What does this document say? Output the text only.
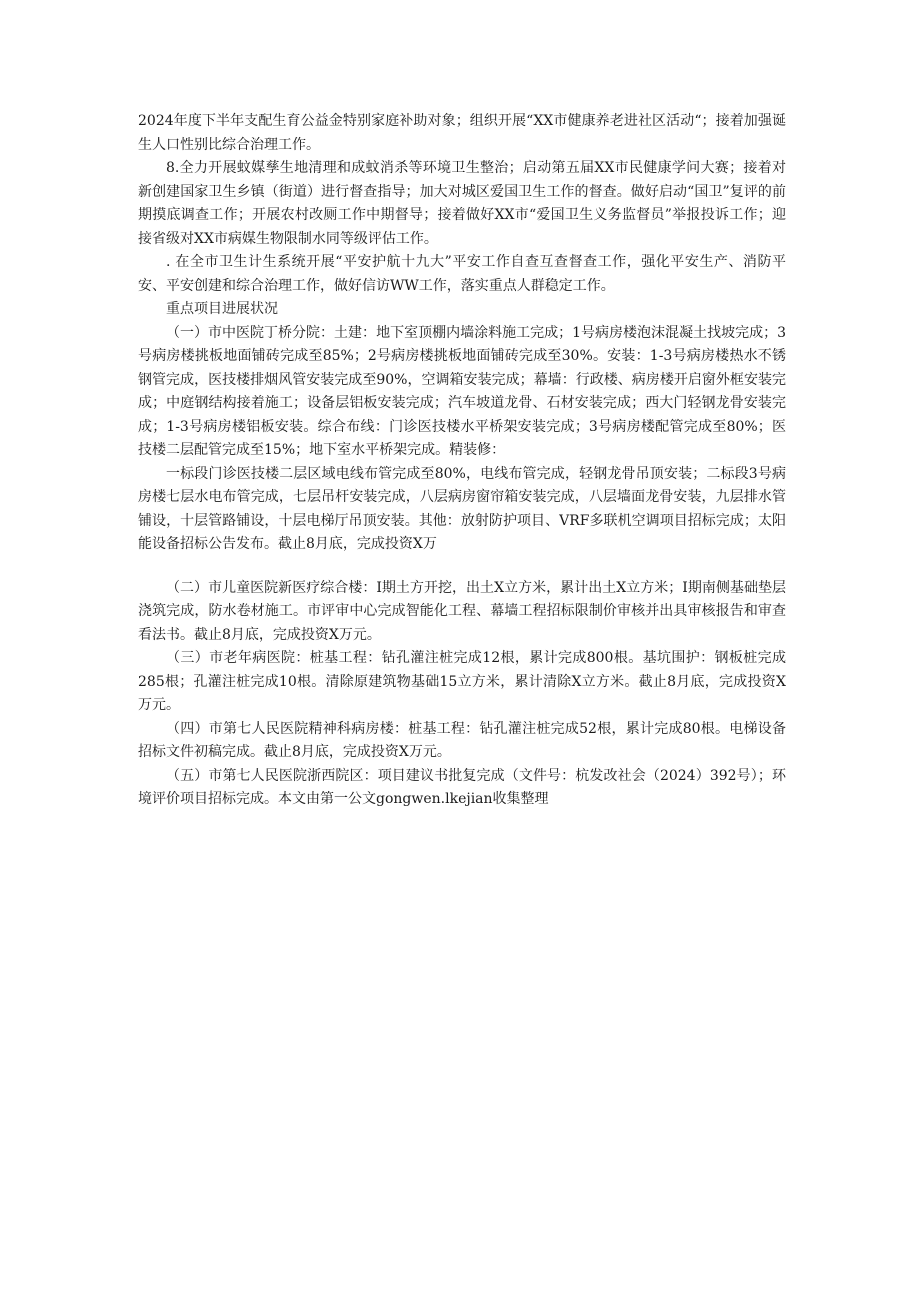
2024年度下半年支配生育公益金特别家庭补助对象；组织开展“XX市健康养老进社区活动“；接着加强诞生人口性别比综合治理工作。

8.全力开展蚊媒孳生地清理和成蚊消杀等环境卫生整治；启动第五届XX市民健康学问大赛；接着对新创建国家卫生乡镇（街道）进行督查指导；加大对城区爱国卫生工作的督查。做好启动“国卫”复评的前期摸底调查工作；开展农村改厕工作中期督导；接着做好XX市“爱国卫生义务监督员”举报投诉工作；迎接省级对XX市病媒生物限制水同等级评估工作。

. 在全市卫生计生系统开展“平安护航十九大”平安工作自查互查督查工作，强化平安生产、消防平安、平安创建和综合治理工作，做好信访WW工作，落实重点人群稳定工作。

重点项目进展状况

（一）市中医院丁桥分院：土建：地下室顶棚内墙涂料施工完成；1号病房楼泡沫混凝土找坡完成；3号病房楼挑板地面铺砖完成至85%；2号病房楼挑板地面铺砖完成至30%。安装：1-3号病房楼热水不锈钢管完成，医技楼排烟风管安装完成至90%，空调箱安装完成；幕墙：行政楼、病房楼开启窗外框安装完成；中庭钢结构接着施工；设备层铝板安装完成；汽车坡道龙骨、石材安装完成；西大门轻钢龙骨安装完成；1-3号病房楼铝板安装。综合布线：门诊医技楼水平桥架安装完成；3号病房楼配管完成至80%；医技楼二层配管完成至15%；地下室水平桥架完成。精装修：

一标段门诊医技楼二层区域电线布管完成至80%，电线布管完成，轻钢龙骨吊顶安装；二标段3号病房楼七层水电布管完成，七层吊杆安装完成，八层病房窗帘箱安装完成，八层墙面龙骨安装，九层排水管铺设，十层管路铺设，十层电梯厅吊顶安装。其他：放射防护项目、VRF多联机空调项目招标完成；太阳能设备招标公告发布。截止8月底，完成投资X万

（二）市儿童医院新医疗综合楼：I期土方开挖，出土X立方米，累计出土X立方米；I期南侧基础垫层浇筑完成，防水卷材施工。市评审中心完成智能化工程、幕墙工程招标限制价审核并出具审核报告和审查看法书。截止8月底，完成投资X万元。

（三）市老年病医院：桩基工程：钻孔灌注桩完成12根，累计完成800根。基坑围护：钢板桩完成285根；孔灌注桩完成10根。清除原建筑物基础15立方米，累计清除X立方米。截止8月底，完成投资X万元。

（四）市第七人民医院精神科病房楼：桩基工程：钻孔灌注桩完成52根，累计完成80根。电梯设备招标文件初稿完成。截止8月底，完成投资X万元。

（五）市第七人民医院浙西院区：项目建议书批复完成（文件号：杭发改社会（2024）392号）；环境评价项目招标完成。本文由第一公文gongwen.lkejian收集整理
